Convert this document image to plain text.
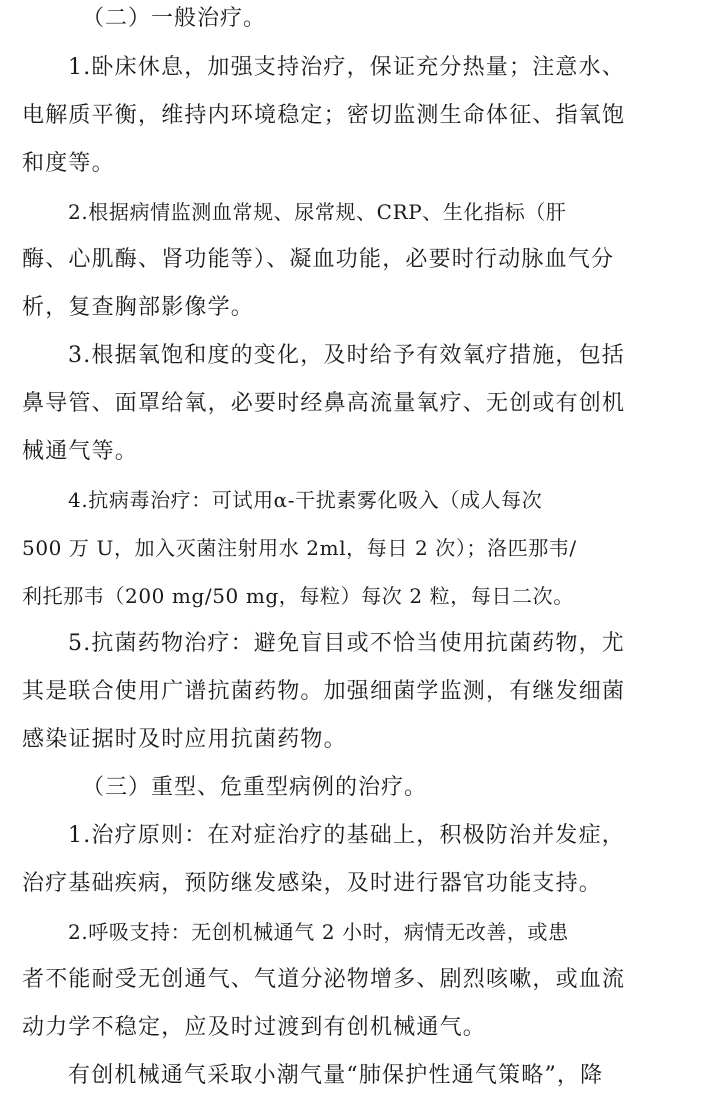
（二）一般治疗。
1.卧床休息，加强支持治疗，保证充分热量；注意水、
电解质平衡，维持内环境稳定；密切监测生命体征、指氧饱
和度等。
2.根据病情监测血常规、尿常规、CRP、生化指标（肝
酶、心肌酶、肾功能等）、凝血功能，必要时行动脉血气分
析，复查胸部影像学。
3.根据氧饱和度的变化，及时给予有效氧疗措施，包括
鼻导管、面罩给氧，必要时经鼻高流量氧疗、无创或有创机
械通气等。
4.抗病毒治疗：可试用α-干扰素雾化吸入（成人每次
500 万 U，加入灭菌注射用水 2ml，每日 2 次）；洛匹那韦/
利托那韦（200 mg/50 mg，每粒）每次 2 粒，每日二次。
5.抗菌药物治疗：避免盲目或不恰当使用抗菌药物，尤
其是联合使用广谱抗菌药物。加强细菌学监测，有继发细菌
感染证据时及时应用抗菌药物。
（三）重型、危重型病例的治疗。
1.治疗原则：在对症治疗的基础上，积极防治并发症，
治疗基础疾病，预防继发感染，及时进行器官功能支持。
2.呼吸支持：无创机械通气 2 小时，病情无改善，或患
者不能耐受无创通气、气道分泌物增多、剧烈咳嗽，或血流
动力学不稳定，应及时过渡到有创机械通气。
有创机械通气采取小潮气量“肺保护性通气策略”，降
